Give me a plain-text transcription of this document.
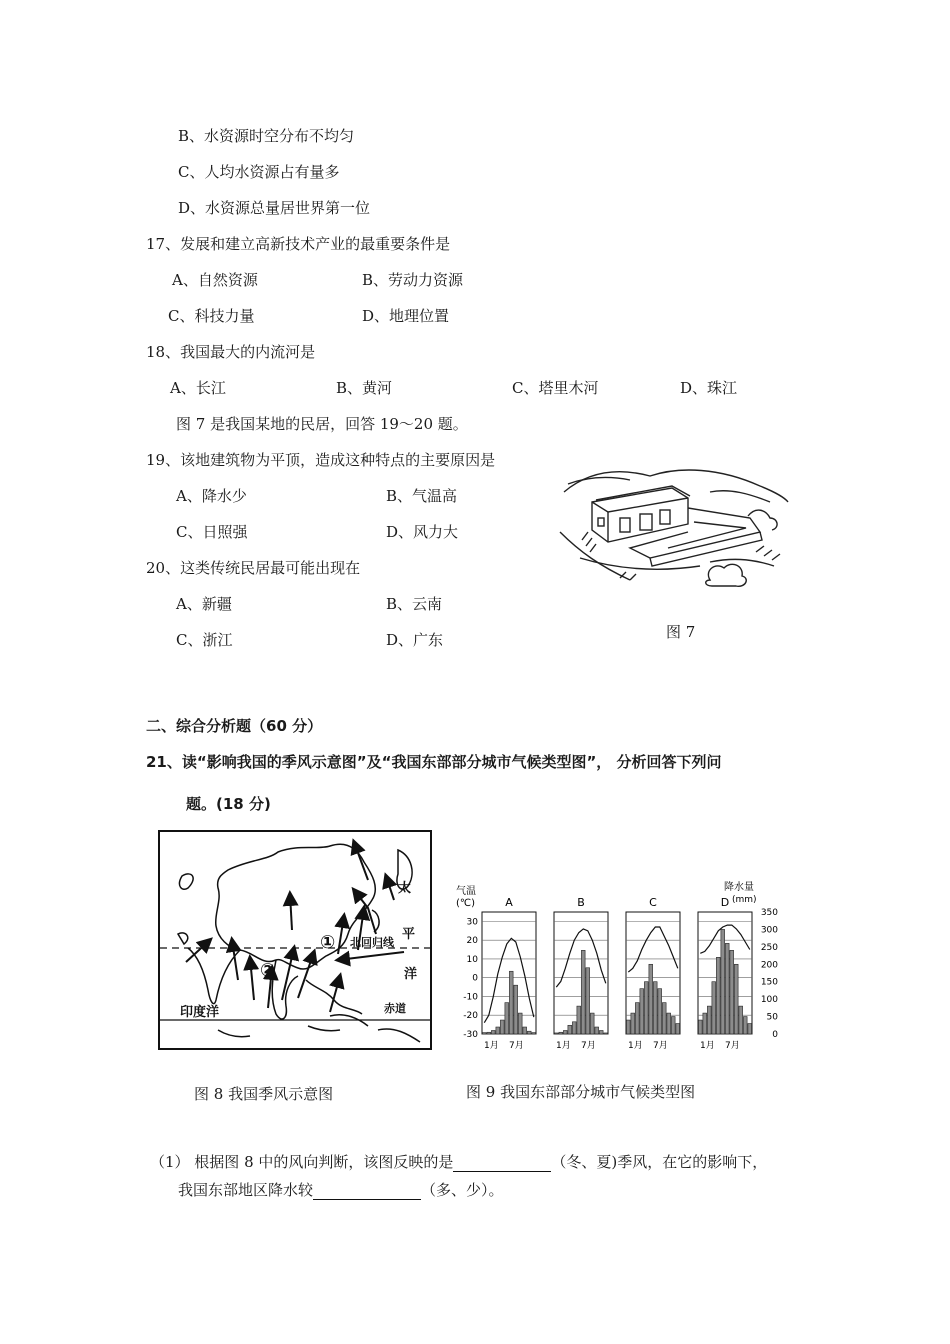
B、水资源时空分布不均匀
C、人均水资源占有量多
D、水资源总量居世界第一位
17、发展和建立高新技术产业的最重要条件是
A、自然资源	B、劳动力资源
C、科技力量	D、地理位置
18、我国最大的内流河是
A、长江	B、黄河	C、塔里木河	D、珠江
图 7 是我国某地的民居，回答 19～20 题。
19、该地建筑物为平顶，造成这种特点的主要原因是
A、降水少	B、气温高
C、日照强	D、风力大
20、这类传统民居最可能出现在
A、新疆	B、云南
C、浙江	D、广东	图 7
二、综合分析题（60 分）
21、读“影响我国的季风示意图”及“我国东部部分城市气候类型图”， 分析回答下列问
题。(18 分)
太
平
洋
印度洋
北回归线
赤道
①
②
气温
(℃)
降水量
(mm)
30
20
10
0
-10
-20
-30
350
300
250
200
150
100
50
0
A
1月 7月
B
1月 7月
C
1月 7月
D
1月 7月
图 8 我国季风示意图	图 9 我国东部部分城市气候类型图
（1） 根据图 8 中的风向判断，该图反映的是	（冬、夏)季风，在它的影响下，
我国东部地区降水较	（多、少）。
